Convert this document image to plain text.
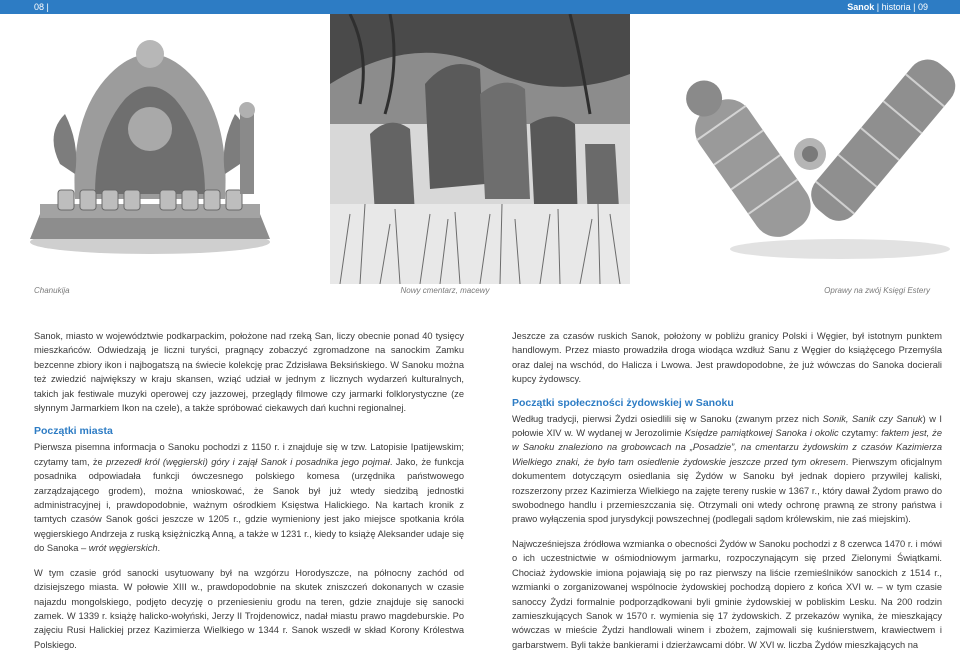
08 |	Sanok | historia | 09
Chanukija	Nowy cmentarz, macewy	Oprawy na zwój Księgi Estery

Sanok, miasto w województwie podkarpackim, położone nad rzeką San, liczy obecnie ponad 40 tysięcy mieszkańców. Odwiedzają je liczni turyści, pragnący zobaczyć zgromadzone na sanockim Zamku bezcenne zbiory ikon i najbogatszą na świecie kolekcję prac Zdzisława Beksińskiego. W Sanoku można też zwiedzić największy w kraju skansen, wziąć udział w jednym z licznych wydarzeń kulturalnych, takich jak festiwale muzyki operowej czy jazzowej, przeglądy filmowe czy jarmarki folklorystyczne (ze słynnym Jarmarkiem Ikon na czele), a także spróbować ciekawych dań kuchni regionalnej.

Początki miasta

Pierwsza pisemna informacja o Sanoku pochodzi z 1150 r. i znajduje się w tzw. Latopisie Ipatijewskim; czytamy tam, że przezedł król (węgierski) góry i zajął Sanok i posadnika jego pojmał. Jako, że funkcja posadnika odpowiadała funkcji ówczesnego polskiego komesa (urzędnika państwowego zarządzającego grodem), można wnioskować, że Sanok był już wtedy siedzibą jednostki administracyjnej i, prawdopodobnie, ważnym ośrodkiem Księstwa Halickiego. Na kartach kronik z tamtych czasów Sanok gości jeszcze w 1205 r., gdzie wymieniony jest jako miejsce spotkania króla węgierskiego Andrzeja z ruską księżniczką Anną, a także w 1231 r., kiedy to książę Aleksander udaje się do Sanoka – wrót węgierskich.

W tym czasie gród sanocki usytuowany był na wzgórzu Horodyszcze, na północny zachód od dzisiejszego miasta. W połowie XIII w., prawdopodobnie na skutek zniszczeń dokonanych w czasie najazdu mongolskiego, podjęto decyzję o przeniesieniu grodu na teren, gdzie znajduje się sanocki zamek. W 1339 r. książę halicko-wołyński, Jerzy II Trojdenowicz, nadał miastu prawo magdeburskie. Po zajęciu Rusi Halickiej przez Kazimierza Wielkiego w 1344 r. Sanok wszedł w skład Korony Królestwa Polskiego.

Jeszcze za czasów ruskich Sanok, położony w pobliżu granicy Polski i Węgier, był istotnym punktem handlowym. Przez miasto prowadziła droga wiodąca wzdłuż Sanu z Węgier do książęcego Przemyśla oraz dalej na wschód, do Halicza i Lwowa. Jest prawdopodobne, że już wówczas do Sanoka docierali kupcy żydowscy.

Początki społeczności żydowskiej w Sanoku

Według tradycji, pierwsi Żydzi osiedlili się w Sanoku (zwanym przez nich Sonik, Sanik czy Sanuk) w I połowie XIV w. W wydanej w Jerozolimie Księdze pamiątkowej Sanoka i okolic czytamy: faktem jest, że w Sanoku znaleziono na grobowcach na „Posadzie”, na cmentarzu żydowskim z czasów Kazimierza Wielkiego znaki, że było tam osiedlenie żydowskie jeszcze przed tym okresem. Pierwszym oficjalnym dokumentem dotyczącym osiedlania się Żydów w Sanoku był jednak dopiero przywilej kaliski, rozszerzony przez Kazimierza Wielkiego na zajęte tereny ruskie w 1367 r., który dawał Żydom prawo do swobodnego handlu i przemieszczania się. Otrzymali oni wtedy ochronę prawną ze strony państwa i prawo wyłączenia spod jurysdykcji powszechnej (podlegali sądom królewskim, nie zaś miejskim).

Najwcześniejsza źródłowa wzmianka o obecności Żydów w Sanoku pochodzi z 8 czerwca 1470 r. i mówi o ich uczestnictwie w ośmiodniowym jarmarku, rozpoczynającym się przed Zielonymi Świątkami. Chociaż żydowskie imiona pojawiają się po raz pierwszy na liście rzemieślników sanockich z 1514 r., wzmianki o zorganizowanej wspólnocie żydowskiej pochodzą dopiero z końca XVI w. – w tym czasie sanoccy Żydzi formalnie podporządkowani byli gminie żydowskiej w pobliskim Lesku. Na 200 rodzin zamieszkujących Sanok w 1570 r. wymienia się 17 żydowskich. Z przekazów wynika, że mieszkający wówczas w mieście Żydzi handlowali winem i zbożem, zajmowali się kuśnierstwem, krawiectwem i garbarstwem. Byli także bankierami i dzierżawcami dóbr. W XVI w. liczba Żydów mieszkających na
